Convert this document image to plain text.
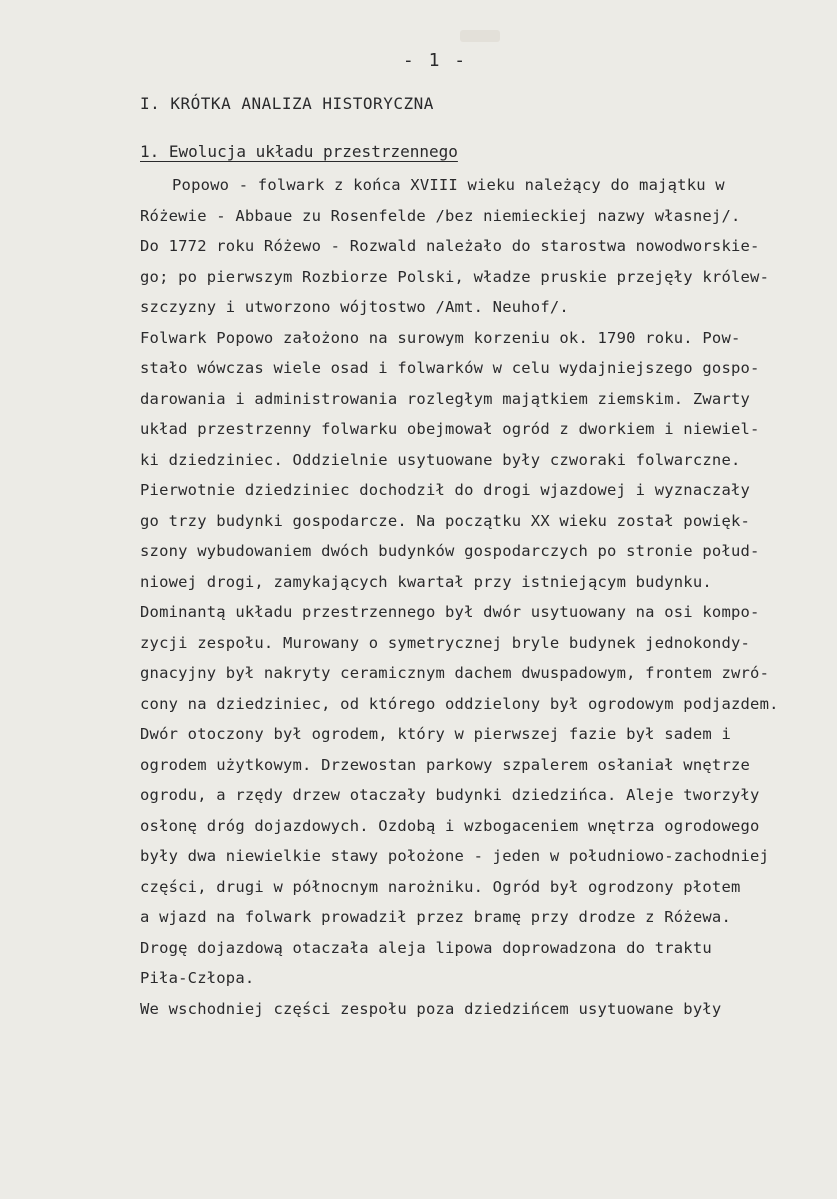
- 1 -
I. KRÓTKA ANALIZA HISTORYCZNA
1. Ewolucja układu przestrzennego
Popowo - folwark z końca XVIII wieku należący do majątku w
Różewie - Abbaue zu Rosenfelde /bez niemieckiej nazwy własnej/.
Do 1772 roku Różewo - Rozwald należało do starostwa nowodworskie-
go; po pierwszym Rozbiorze Polski, władze pruskie przejęły królew-
szczyzny i utworzono wójtostwo /Amt. Neuhof/.
Folwark Popowo założono na surowym korzeniu ok. 1790 roku. Pow-
stało wówczas wiele osad i folwarków w celu wydajniejszego gospo-
darowania i administrowania rozległym majątkiem ziemskim. Zwarty
układ przestrzenny folwarku obejmował ogród z dworkiem i niewiel-
ki dziedziniec. Oddzielnie usytuowane były czworaki folwarczne.
Pierwotnie dziedziniec dochodził do drogi wjazdowej i wyznaczały
go trzy budynki gospodarcze. Na początku XX wieku został powięk-
szony wybudowaniem dwóch budynków gospodarczych po stronie połud-
niowej drogi, zamykających kwartał przy istniejącym budynku.
Dominantą układu przestrzennego był dwór usytuowany na osi kompo-
zycji zespołu. Murowany o symetrycznej bryle budynek jednokondy-
gnacyjny był nakryty ceramicznym dachem dwuspadowym, frontem zwró-
cony na dziedziniec, od którego oddzielony był ogrodowym podjazdem.
Dwór otoczony był ogrodem, który w pierwszej fazie był sadem i
ogrodem użytkowym. Drzewostan parkowy szpalerem osłaniał wnętrze
ogrodu, a rzędy drzew otaczały budynki dziedzińca. Aleje tworzyły
osłonę dróg dojazdowych. Ozdobą i wzbogaceniem wnętrza ogrodowego
były dwa niewielkie stawy położone - jeden w południowo-zachodniej
części, drugi w północnym narożniku. Ogród był ogrodzony płotem
a wjazd na folwark prowadził przez bramę przy drodze z Różewa.
Drogę dojazdową otaczała aleja lipowa doprowadzona do traktu
Piła-Człopa.
We wschodniej części zespołu poza dziedzińcem usytuowane były
